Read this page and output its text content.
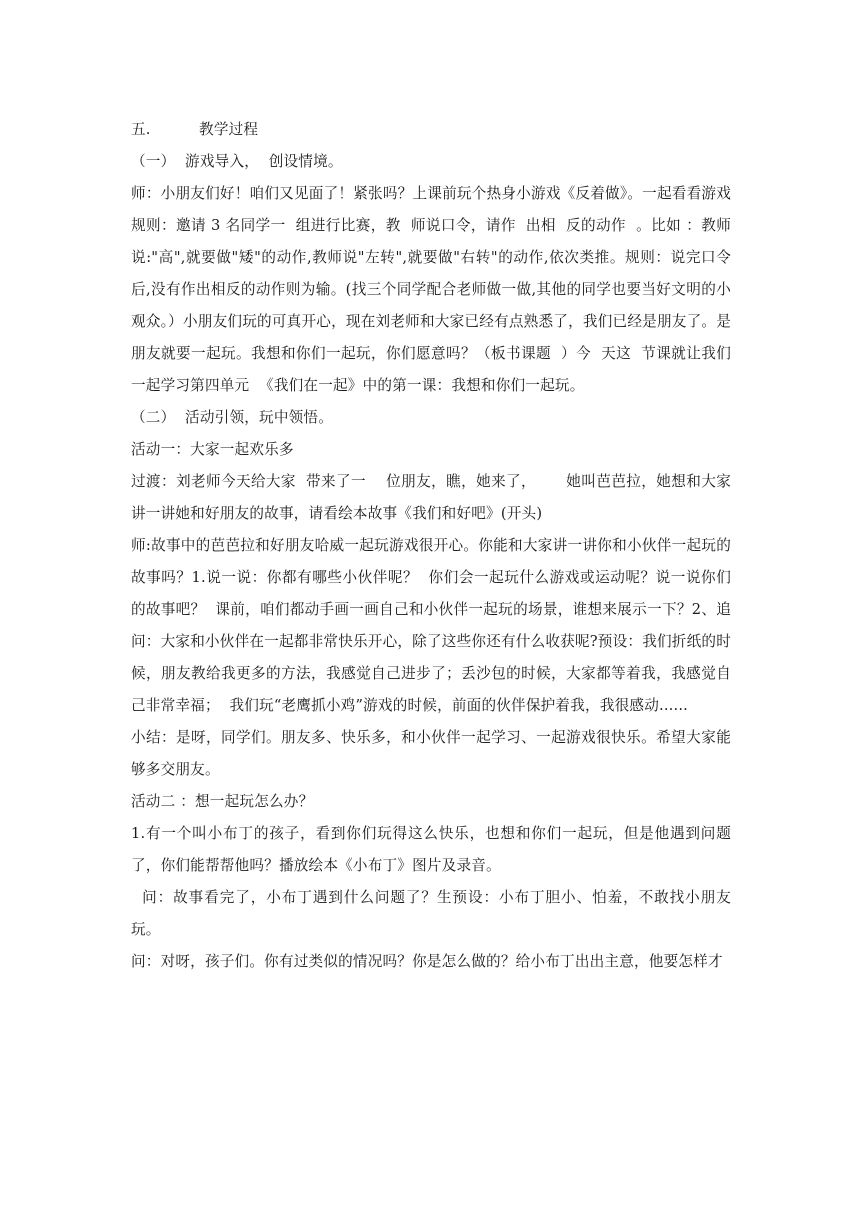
五.          教学过程

（一）  游戏导入，  创设情境。

师：小朋友们好！咱们又见面了！紧张吗？上课前玩个热身小游戏《反着做》。一起看看游戏规则：邀请 3 名同学一  组进行比赛，教  师说口令，请作  出相  反的动作  。比如 ：教师说:"高",就要做"矮"的动作,教师说"左转",就要做"右转"的动作,依次类推。规则：说完口令后,没有作出相反的动作则为输。(找三个同学配合老师做一做,其他的同学也要当好文明的小观众。）小朋友们玩的可真开心，现在刘老师和大家已经有点熟悉了，我们已经是朋友了。是朋友就要一起玩。我想和你们一起玩，你们愿意吗？（板书课题  ）今  天这  节课就让我们一起学习第四单元  《我们在一起》中的第一课：我想和你们一起玩。

（二）  活动引领，玩中领悟。

活动一：大家一起欢乐多

过渡：刘老师今天给大家  带来了一    位朋友，瞧，她来了，      她叫芭芭拉，她想和大家讲一讲她和好朋友的故事，请看绘本故事《我们和好吧》(开头)

师:故事中的芭芭拉和好朋友哈威一起玩游戏很开心。你能和大家讲一讲你和小伙伴一起玩的故事吗？1.说一说：你都有哪些小伙伴呢？  你们会一起玩什么游戏或运动呢？说一说你们的故事吧？  课前，咱们都动手画一画自己和小伙伴一起玩的场景，谁想来展示一下？2、追问：大家和小伙伴在一起都非常快乐开心，除了这些你还有什么收获呢?预设：我们折纸的时候，朋友教给我更多的方法，我感觉自己进步了；丢沙包的时候，大家都等着我，我感觉自己非常幸福；  我们玩“老鹰抓小鸡”游戏的时候，前面的伙伴保护着我，我很感动......

小结：是呀，同学们。朋友多、快乐多，和小伙伴一起学习、一起游戏很快乐。希望大家能够多交朋友。

活动二 ：想一起玩怎么办？

1.有一个叫小布丁的孩子，看到你们玩得这么快乐，也想和你们一起玩，但是他遇到问题了，你们能帮帮他吗？播放绘本《小布丁》图片及录音。

问：故事看完了，小布丁遇到什么问题了？生预设：小布丁胆小、怕羞，不敢找小朋友玩。

问：对呀，孩子们。你有过类似的情况吗？你是怎么做的？给小布丁出出主意，他要怎样才
